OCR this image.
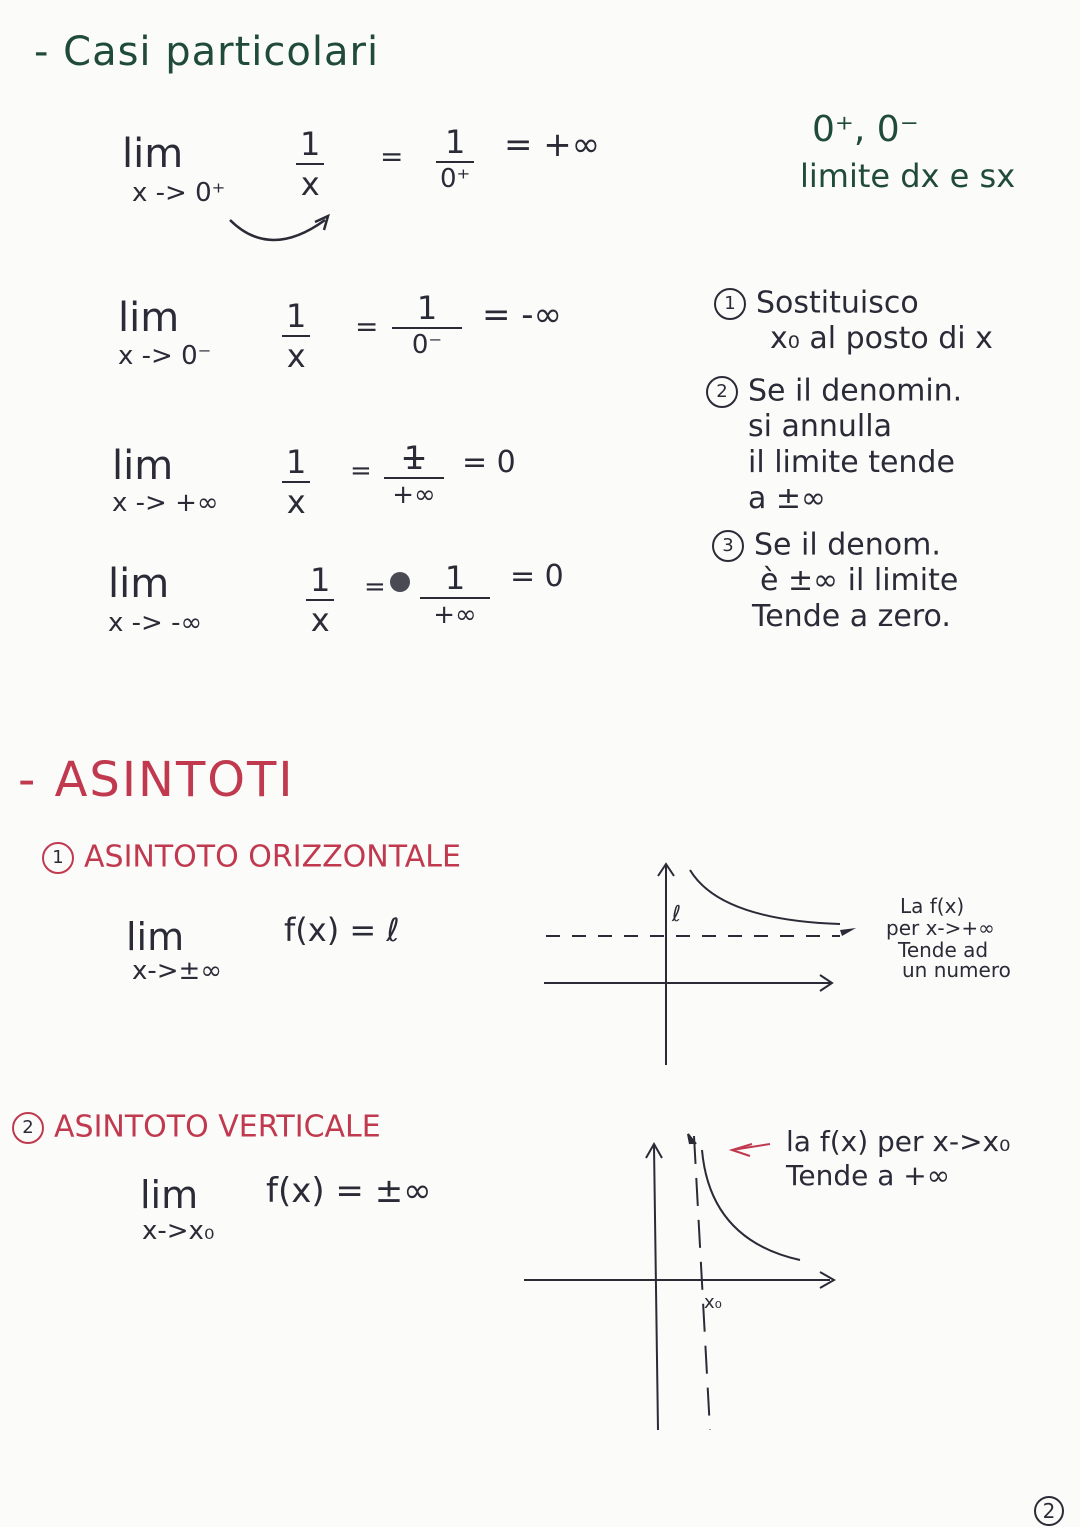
- Casi particolari
lim
x -> 0⁺
1
x
= 1
0⁺
= +∞	0⁺, 0⁻
limite dx e sx
lim
x -> 0⁻
1
x
= 1
0⁻
= -∞
lim
x -> +∞
1
x
= 1
+∞
= 0
lim
x -> -∞
1
x
= 1
+∞
= 0
1 Sostituisco
x₀ al posto di x
2 Se il denomin.
si annulla
il limite tende
a ±∞
3 Se il denom.
è ±∞ il limite
Tende a zero.
- ASINTOTI
1 ASINTOTO ORIZZONTALE
lim
x->±∞
f(x) = ℓ	ℓ	La f(x)
per x->+∞
Tende ad
un numero
2 ASINTOTO VERTICALE
lim
x->x₀
f(x) = ±∞
x₀
la f(x) per x->x₀
Tende a +∞
2
